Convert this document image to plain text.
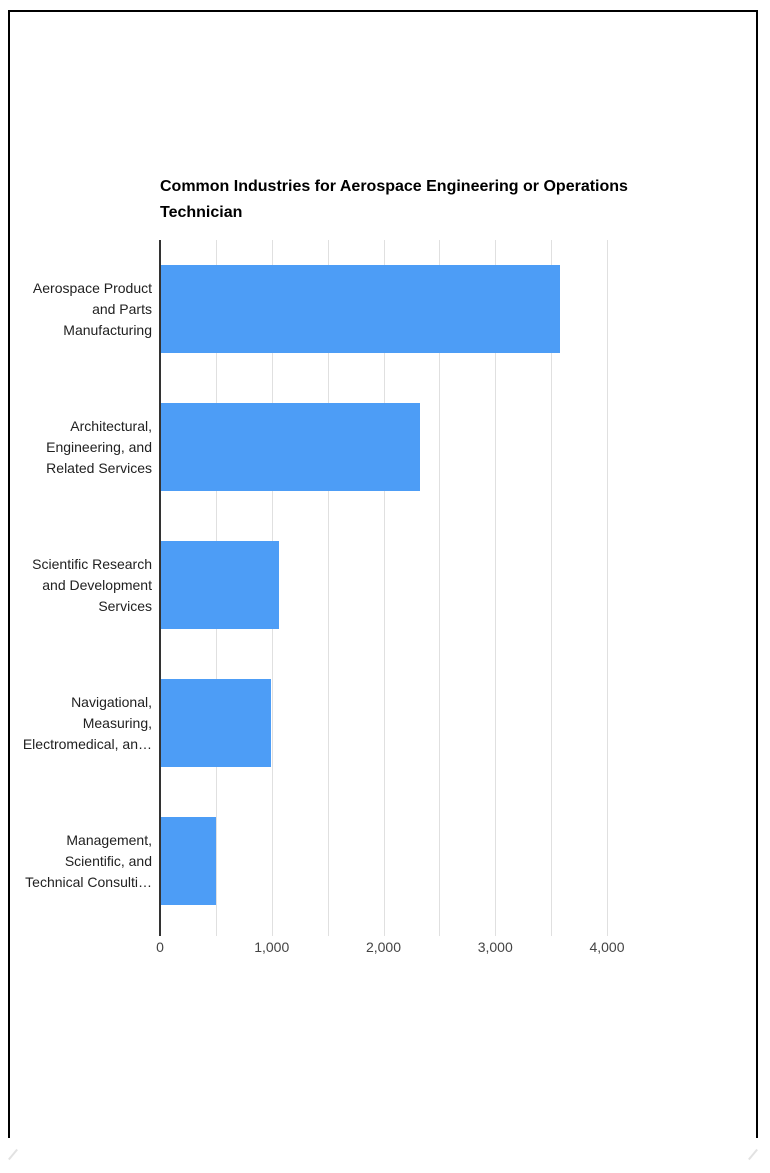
Common Industries for Aerospace Engineering or Operations
Technician
Aerospace Product
and Parts
Manufacturing
Architectural,
Engineering, and
Related Services
Scientific Research
and Development
Services
Navigational,
Measuring,
Electromedical, an…
Management,
Scientific, and
Technical Consulti…
0	1,000	2,000	3,000	4,000
